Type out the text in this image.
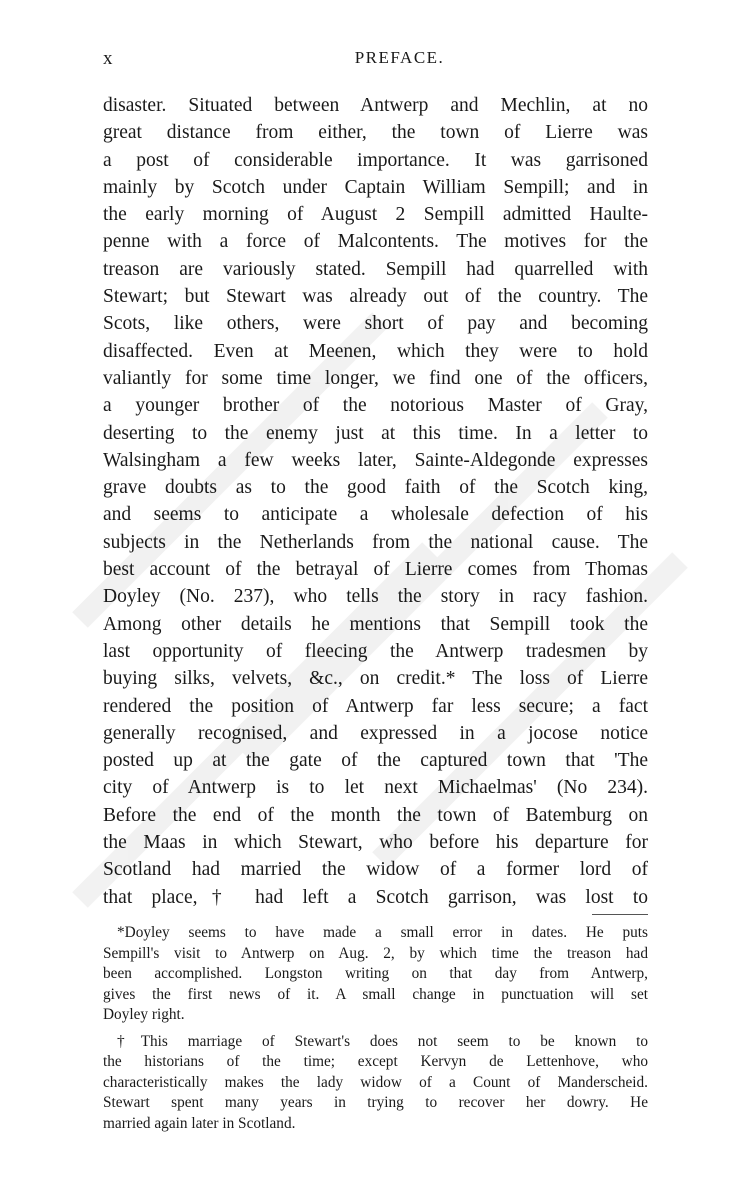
x	PREFACE.
disaster. Situated between Antwerp and Mechlin, at no
great distance from either, the town of Lierre was
a post of considerable importance. It was garrisoned
mainly by Scotch under Captain William Sempill; and in
the early morning of August 2 Sempill admitted Haulte-
penne with a force of Malcontents. The motives for the
treason are variously stated. Sempill had quarrelled with
Stewart; but Stewart was already out of the country. The
Scots, like others, were short of pay and becoming
disaffected. Even at Meenen, which they were to hold
valiantly for some time longer, we find one of the officers,
a younger brother of the notorious Master of Gray,
deserting to the enemy just at this time. In a letter to
Walsingham a few weeks later, Sainte-Aldegonde expresses
grave doubts as to the good faith of the Scotch king,
and seems to anticipate a wholesale defection of his
subjects in the Netherlands from the national cause. The
best account of the betrayal of Lierre comes from Thomas
Doyley (No. 237), who tells the story in racy fashion.
Among other details he mentions that Sempill took the
last opportunity of fleecing the Antwerp tradesmen by
buying silks, velvets, &c., on credit.* The loss of Lierre
rendered the position of Antwerp far less secure; a fact
generally recognised, and expressed in a jocose notice
posted up at the gate of the captured town that 'The
city of Antwerp is to let next Michaelmas' (No 234).
Before the end of the month the town of Batemburg on
the Maas in which Stewart, who before his departure for
Scotland had married the widow of a former lord of
that place,† had left a Scotch garrison, was lost to
*Doyley seems to have made a small error in dates. He puts
Sempill's visit to Antwerp on Aug. 2, by which time the treason had
been accomplished. Longston writing on that day from Antwerp,
gives the first news of it. A small change in punctuation will set
Doyley right.
†This marriage of Stewart's does not seem to be known to
the historians of the time; except Kervyn de Lettenhove, who
characteristically makes the lady widow of a Count of Manderscheid.
Stewart spent many years in trying to recover her dowry. He
married again later in Scotland.
